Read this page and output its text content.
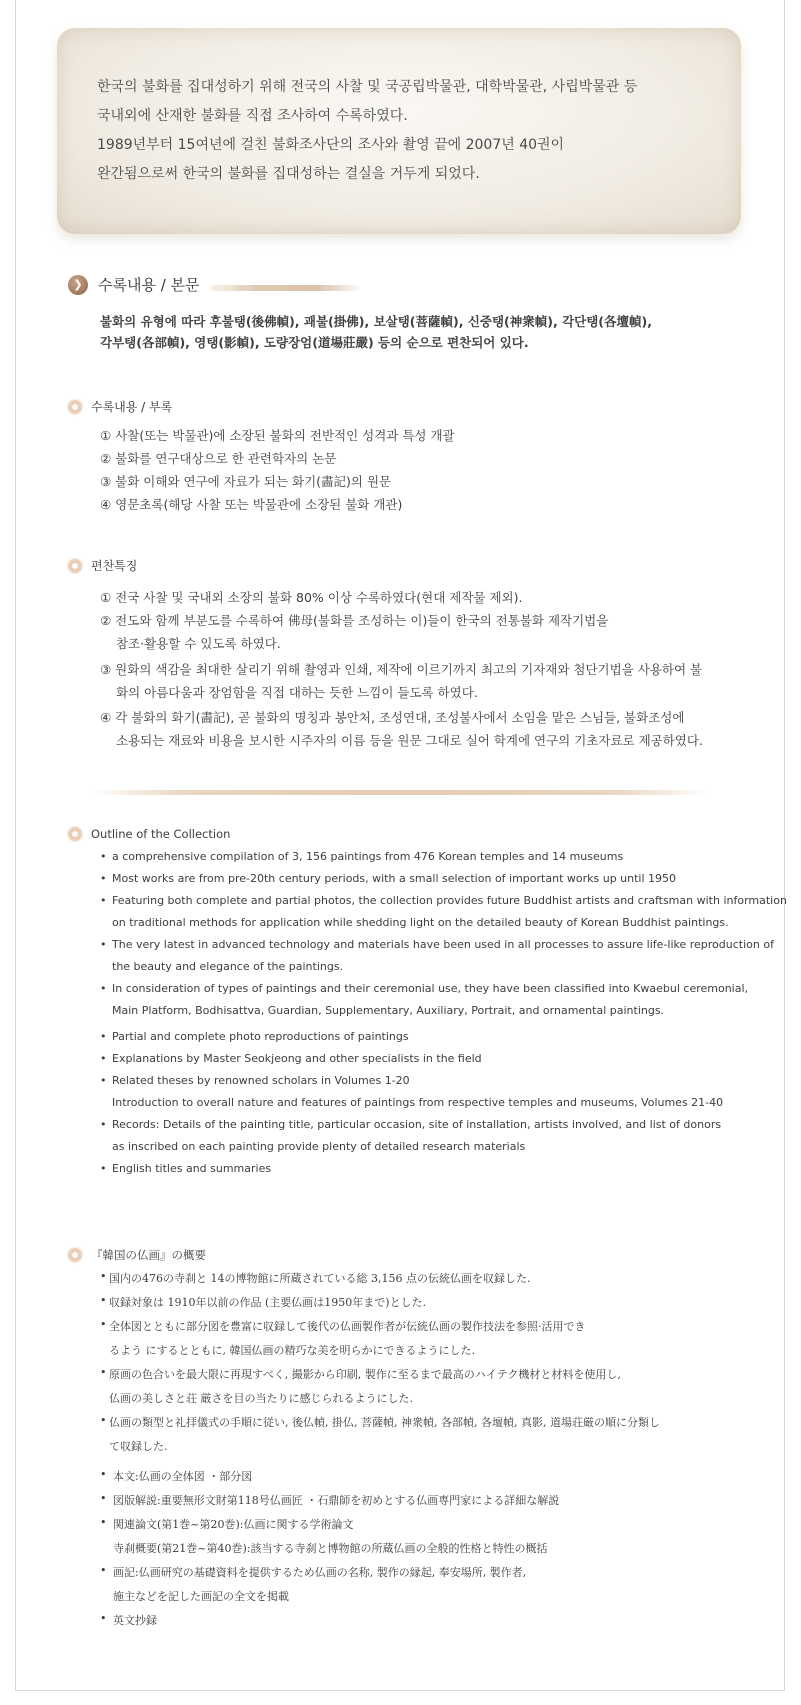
한국의 불화를 집대성하기 위해 전국의 사찰 및 국공립박물관, 대학박물관, 사립박물관 등

국내외에 산재한 불화를 직접 조사하여 수록하였다.

1989년부터 15여년에 걸친 불화조사단의 조사와 촬영 끝에 2007년 40권이

완간됨으로써 한국의 불화를 집대성하는 결실을 거두게 되었다.

❯	수록내용 / 본문
불화의 유형에 따라 후불탱(後佛幀), 괘불(掛佛), 보살탱(菩薩幀), 신중탱(神衆幀), 각단탱(各壇幀),
각부탱(各部幀), 영탱(影幀), 도량장엄(道場莊嚴) 등의 순으로 편찬되어 있다.
수록내용 / 부록
① 사찰(또는 박물관)에 소장된 불화의 전반적인 성격과 특성 개괄
② 불화를 연구대상으로 한 관련학자의 논문
③ 불화 이해와 연구에 자료가 되는 화기(畵記)의 원문
④ 영문초록(해당 사찰 또는 박물관에 소장된 불화 개관)
편찬특징
① 전국 사찰 및 국내외 소장의 불화 80% 이상 수록하였다(현대 제작물 제외).
② 전도와 함께 부분도를 수록하여 佛母(불화를 조성하는 이)들이 한국의 전통불화 제작기법을
참조·활용할 수 있도록 하였다.
③ 원화의 색감을 최대한 살리기 위해 촬영과 인쇄, 제작에 이르기까지 최고의 기자재와 첨단기법을 사용하여 불
화의 아름다움과 장엄함을 직접 대하는 듯한 느낌이 들도록 하였다.
④ 각 불화의 화기(畵記), 곧 불화의 명칭과 봉안처, 조성연대, 조성불사에서 소임을 맡은 스님들, 불화조성에
소용되는 재료와 비용을 보시한 시주자의 이름 등을 원문 그대로 실어 학계에 연구의 기초자료로 제공하였다.
Outline of the Collection
• a comprehensive compilation of 3, 156 paintings from 476 Korean temples and 14 museums
• Most works are from pre-20th century periods, with a small selection of important works up until 1950
• Featuring both complete and partial photos, the collection provides future Buddhist artists and craftsman with information
on traditional methods for application while shedding light on the detailed beauty of Korean Buddhist paintings.
• The very latest in advanced technology and materials have been used in all processes to assure life-like reproduction of
the beauty and elegance of the paintings.
• In consideration of types of paintings and their ceremonial use, they have been classified into Kwaebul ceremonial,
Main Platform, Bodhisattva, Guardian, Supplementary, Auxiliary, Portrait, and ornamental paintings.
• Partial and complete photo reproductions of paintings
• Explanations by Master Seokjeong and other specialists in the field
• Related theses by renowned scholars in Volumes 1-20
Introduction to overall nature and features of paintings from respective temples and museums, Volumes 21-40
• Records: Details of the painting title, particular occasion, site of installation, artists involved, and list of donors
as inscribed on each painting provide plenty of detailed research materials
• English titles and summaries
『韓国の仏画』の概要
• 国内の476の寺刹と 14の博物館に所蔵されている総 3,156 点の伝統仏画を収録した.
• 収録対象は 1910年以前の作品 (主要仏画は1950年まで)とした.
• 全体図とともに部分図を豊富に収録して後代の仏画製作者が伝統仏画の製作技法を参照·活用でき
るよう にするとともに, 韓国仏画の精巧な美を明らかにできるようにした.
• 原画の色合いを最大限に再現すべく, 撮影から印刷, 製作に至るまで最高のハイテク機材と材料を使用し,
仏画の美しさと荘 厳さを目の当たりに感じられるようにした.
• 仏画の類型と礼拝儀式の手順に従い, 後仏幀, 掛仏, 菩薩幀, 神衆幀, 各部幀, 各壇幀, 真影, 道場荘厳の順に分類し
て収録した.
• 本文:仏画の全体図 ・部分図
• 図版解説:重要無形文財第118号仏画匠 ・石鼎師を初めとする仏画専門家による詳細な解説
• 関連論文(第1巻~第20巻):仏画に関する学術論文
寺刹概要(第21巻~第40巻):該当する寺刹と博物館の所蔵仏画の全般的性格と特性の概括
• 画記:仏画研究の基礎資料を提供するため仏画の名称, 製作の縁起, 奉安場所, 製作者,
施主などを記した画記の全文を掲載
• 英文抄録
